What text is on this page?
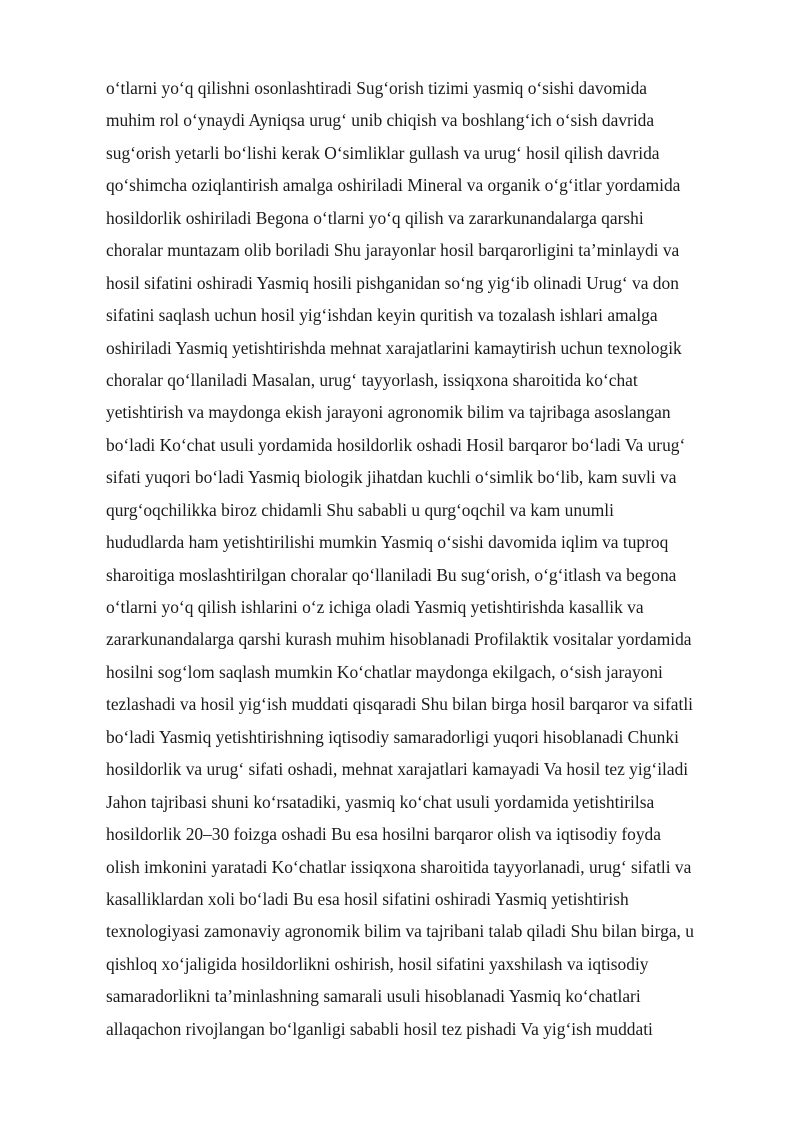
o‘tlarni yo‘q qilishni osonlashtiradi Sug‘orish tizimi yasmiq o‘sishi davomida
muhim rol o‘ynaydi Ayniqsa urug‘ unib chiqish va boshlang‘ich o‘sish davrida
sug‘orish yetarli bo‘lishi kerak O‘simliklar gullash va urug‘ hosil qilish davrida
qo‘shimcha oziqlantirish amalga oshiriladi Mineral va organik o‘g‘itlar yordamida
hosildorlik oshiriladi Begona o‘tlarni yo‘q qilish va zararkunandalarga qarshi
choralar muntazam olib boriladi Shu jarayonlar hosil barqarorligini ta’minlaydi va
hosil sifatini oshiradi Yasmiq hosili pishganidan so‘ng yig‘ib olinadi Urug‘ va don
sifatini saqlash uchun hosil yig‘ishdan keyin quritish va tozalash ishlari amalga
oshiriladi Yasmiq yetishtirishda mehnat xarajatlarini kamaytirish uchun texnologik
choralar qo‘llaniladi Masalan, urug‘ tayyorlash, issiqxona sharoitida ko‘chat
yetishtirish va maydonga ekish jarayoni agronomik bilim va tajribaga asoslangan
bo‘ladi Ko‘chat usuli yordamida hosildorlik oshadi Hosil barqaror bo‘ladi Va urug‘
sifati yuqori bo‘ladi Yasmiq biologik jihatdan kuchli o‘simlik bo‘lib, kam suvli va
qurg‘oqchilikka biroz chidamli Shu sababli u qurg‘oqchil va kam unumli
hududlarda ham yetishtirilishi mumkin Yasmiq o‘sishi davomida iqlim va tuproq
sharoitiga moslashtirilgan choralar qo‘llaniladi Bu sug‘orish, o‘g‘itlash va begona
o‘tlarni yo‘q qilish ishlarini o‘z ichiga oladi Yasmiq yetishtirishda kasallik va
zararkunandalarga qarshi kurash muhim hisoblanadi Profilaktik vositalar yordamida
hosilni sog‘lom saqlash mumkin Ko‘chatlar maydonga ekilgach, o‘sish jarayoni
tezlashadi va hosil yig‘ish muddati qisqaradi Shu bilan birga hosil barqaror va sifatli
bo‘ladi Yasmiq yetishtirishning iqtisodiy samaradorligi yuqori hisoblanadi Chunki
hosildorlik va urug‘ sifati oshadi, mehnat xarajatlari kamayadi Va hosil tez yig‘iladi
Jahon tajribasi shuni ko‘rsatadiki, yasmiq ko‘chat usuli yordamida yetishtirilsa
hosildorlik 20–30 foizga oshadi Bu esa hosilni barqaror olish va iqtisodiy foyda
olish imkonini yaratadi Ko‘chatlar issiqxona sharoitida tayyorlanadi, urug‘ sifatli va
kasalliklardan xoli bo‘ladi Bu esa hosil sifatini oshiradi Yasmiq yetishtirish
texnologiyasi zamonaviy agronomik bilim va tajribani talab qiladi Shu bilan birga, u
qishloq xo‘jaligida hosildorlikni oshirish, hosil sifatini yaxshilash va iqtisodiy
samaradorlikni ta’minlashning samarali usuli hisoblanadi Yasmiq ko‘chatlari
allaqachon rivojlangan bo‘lganligi sababli hosil tez pishadi Va yig‘ish muddati
